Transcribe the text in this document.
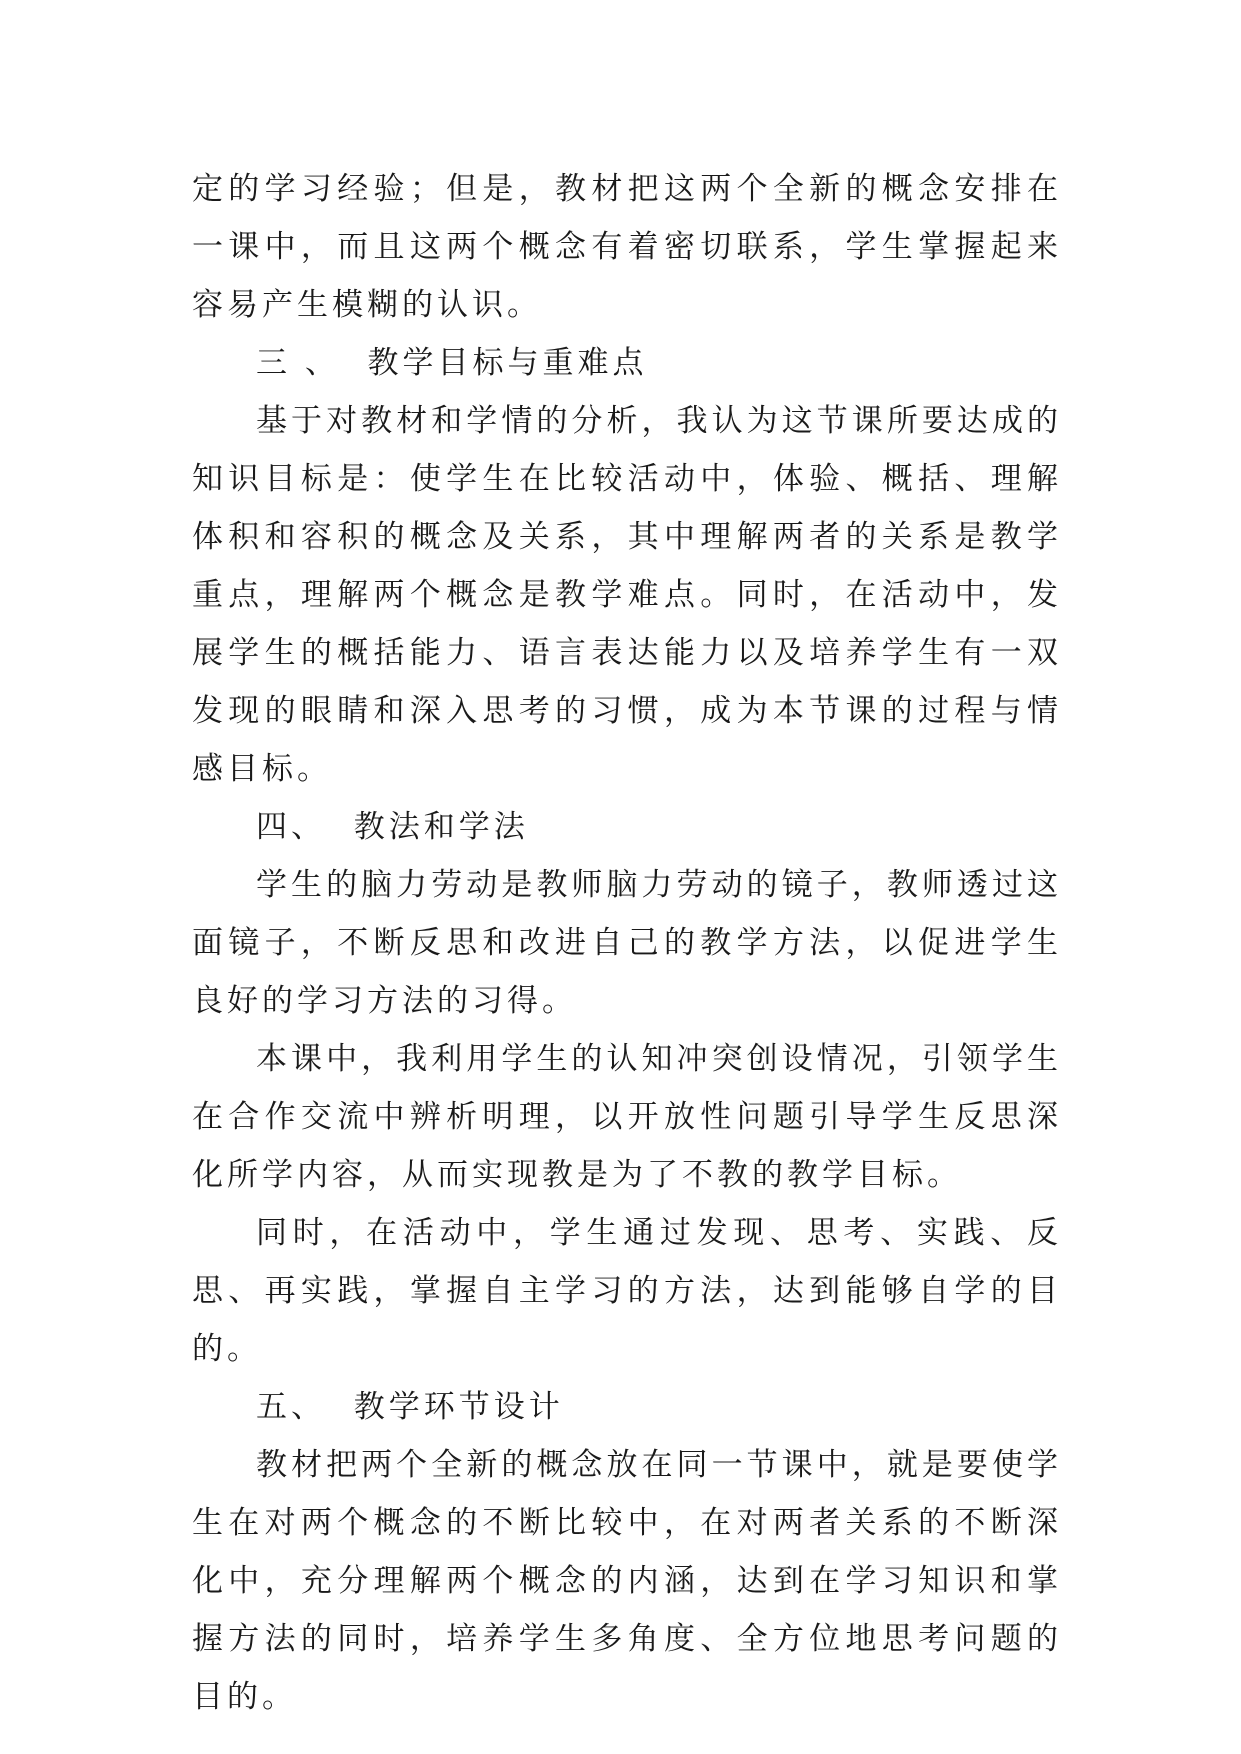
定的学习经验；但是，教材把这两个全新的概念安排在一课中，而且这两个概念有着密切联系，学生掌握起来容易产生模糊的认识。

三 、  教学目标与重难点

基于对教材和学情的分析，我认为这节课所要达成的知识目标是：使学生在比较活动中，体验、概括、理解体积和容积的概念及关系，其中理解两者的关系是教学重点，理解两个概念是教学难点。同时，在活动中，发展学生的概括能力、语言表达能力以及培养学生有一双发现的眼睛和深入思考的习惯，成为本节课的过程与情感目标。

四、  教法和学法

学生的脑力劳动是教师脑力劳动的镜子，教师透过这面镜子，不断反思和改进自己的教学方法，以促进学生良好的学习方法的习得。

本课中，我利用学生的认知冲突创设情况，引领学生在合作交流中辨析明理，以开放性问题引导学生反思深化所学内容，从而实现教是为了不教的教学目标。

同时，在活动中，学生通过发现、思考、实践、反思、再实践，掌握自主学习的方法，达到能够自学的目的。

五、  教学环节设计

教材把两个全新的概念放在同一节课中，就是要使学生在对两个概念的不断比较中，在对两者关系的不断深化中，充分理解两个概念的内涵，达到在学习知识和掌握方法的同时，培养学生多角度、全方位地思考问题的目的。
